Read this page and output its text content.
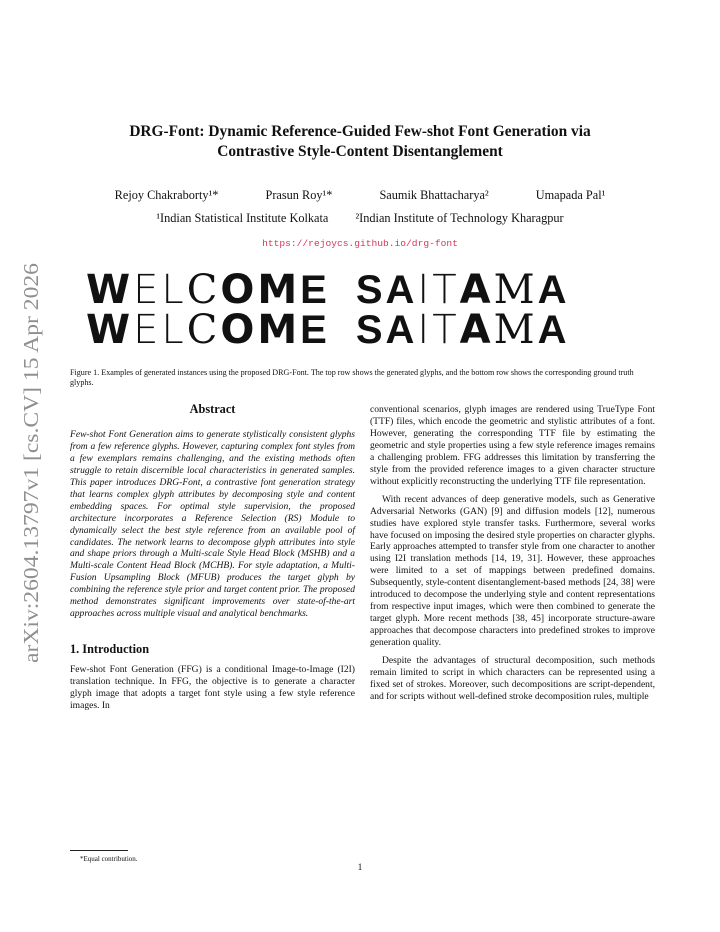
arXiv:2604.13797v1 [cs.CV] 15 Apr 2026
DRG-Font: Dynamic Reference-Guided Few-shot Font Generation via
Contrastive Style-Content Disentanglement
Rejoy Chakraborty¹*	Prasun Roy¹*	Saumik Bhattacharya²	Umapada Pal¹
¹Indian Statistical Institute Kolkata ²Indian Institute of Technology Kharagpur
https://rejoycs.github.io/drg-font
W E L C O M E S A I T A M A
W E L C O M E S A I T A M A
Figure 1. Examples of generated instances using the proposed DRG-Font. The top row shows the generated glyphs, and the bottom row shows the corresponding ground truth glyphs.
Abstract

Few-shot Font Generation aims to generate stylistically consistent glyphs from a few reference glyphs. However, capturing complex font styles from a few exemplars remains challenging, and the existing methods often struggle to retain discernible local characteristics in generated samples. This paper introduces DRG-Font, a contrastive font generation strategy that learns complex glyph attributes by decomposing style and content embedding spaces. For optimal style supervision, the proposed architecture incorporates a Reference Selection (RS) Module to dynamically select the best style reference from an available pool of candidates. The network learns to decompose glyph attributes into style and shape priors through a Multi-scale Style Head Block (MSHB) and a Multi-scale Content Head Block (MCHB). For style adaptation, a Multi-Fusion Upsampling Block (MFUB) produces the target glyph by combining the reference style prior and target content prior. The proposed method demonstrates significant improvements over state-of-the-art approaches across multiple visual and analytical benchmarks.

1. Introduction

Few-shot Font Generation (FFG) is a conditional Image-to-Image (I2I) translation technique. In FFG, the objective is to generate a character glyph image that adopts a target font style using a few style reference images. In

conventional scenarios, glyph images are rendered using TrueType Font (TTF) files, which encode the geometric and stylistic attributes of a font. However, generating the corresponding TTF file by estimating the geometric and style properties using a few style reference images remains a challenging problem. FFG addresses this limitation by transferring the style from the provided reference images to a given character structure without explicitly reconstructing the underlying TTF file representation.

With recent advances of deep generative models, such as Generative Adversarial Networks (GAN) [9] and diffusion models [12], numerous studies have explored style transfer tasks. Furthermore, several works have focused on imposing the desired style properties on character glyphs. Early approaches attempted to transfer style from one character to another using I2I translation methods [14, 19, 31]. However, these approaches were limited to a set of mappings between predefined domains. Subsequently, style-content disentanglement-based methods [24, 38] were introduced to decompose the underlying style and content representations from respective input images, which were then combined to generate the target glyph. More recent methods [38, 45] incorporate structure-aware approaches that decompose characters into predefined strokes to improve generation quality.

Despite the advantages of structural decomposition, such methods remain limited to script in which characters can be represented using a fixed set of strokes. Moreover, such decompositions are script-dependent, and for scripts without well-defined stroke decomposition rules, multiple

*Equal contribution.
1
